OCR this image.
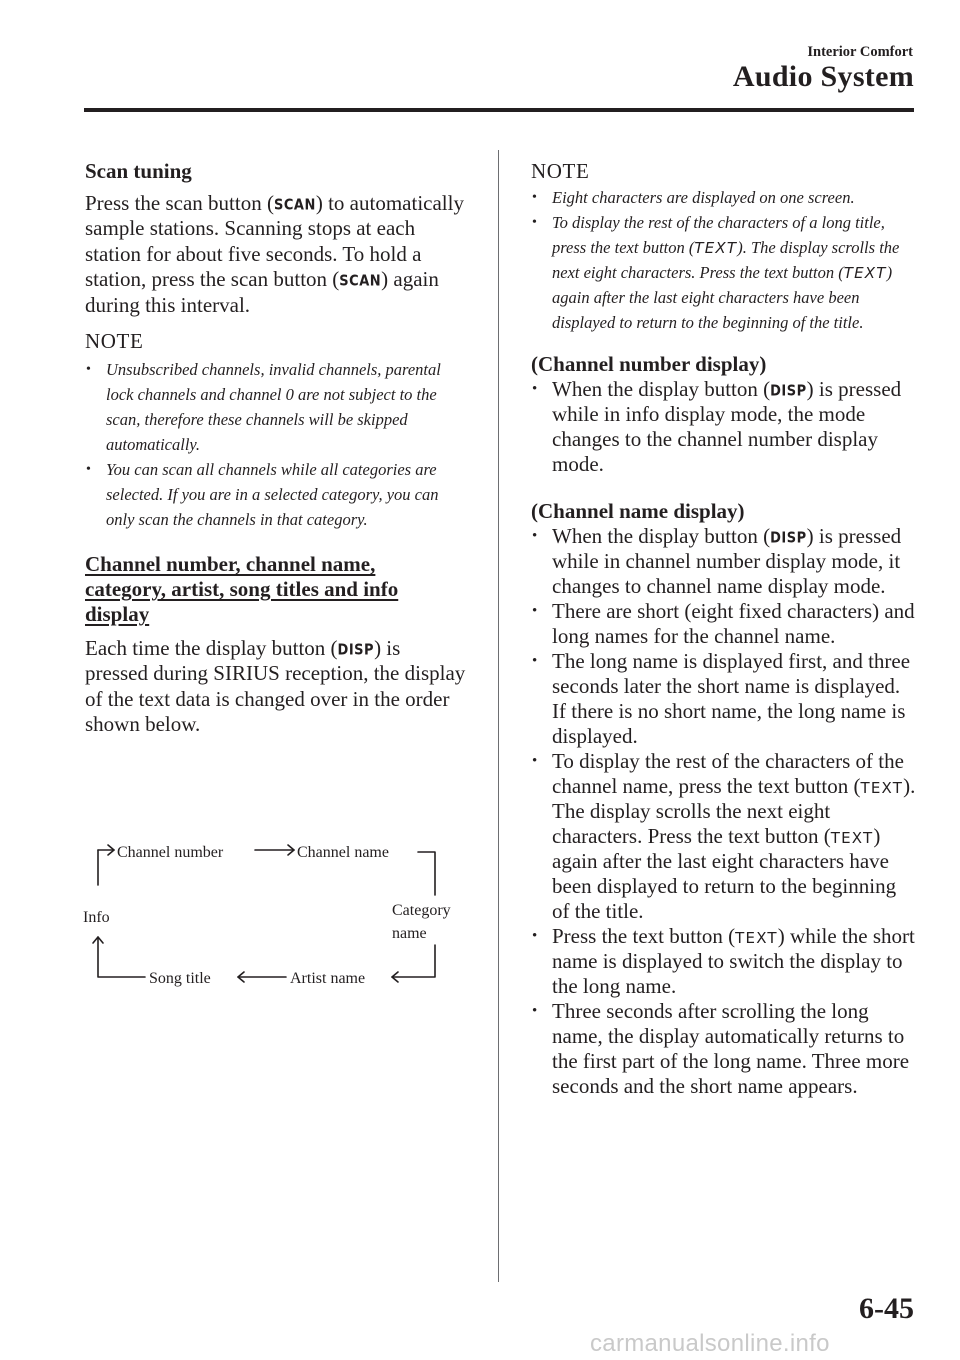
Interior Comfort
Audio System
Scan tuning
Press the scan button (SCAN) to automatically sample stations. Scanning stops at each station for about five seconds. To hold a station, press the scan button (SCAN) again during this interval.
NOTE
• Unsubscribed channels, invalid channels, parental lock channels and channel 0 are not subject to the scan, therefore these channels will be skipped automatically.
• You can scan all channels while all categories are selected. If you are in a selected category, you can only scan the channels in that category.
Channel number, channel name, category, artist, song titles and info display
Each time the display button (DISP) is pressed during SIRIUS reception, the display of the text data is changed over in the order shown below.
Channel number	Channel name
Category
name
Artist name
Song title
Info
NOTE
• Eight characters are displayed on one screen.
• To display the rest of the characters of a long title, press the text button (TEXT). The display scrolls the next eight characters. Press the text button (TEXT) again after the last eight characters have been displayed to return to the beginning of the title.
(Channel number display)
• When the display button (DISP) is pressed while in info display mode, the mode changes to the channel number display mode.
(Channel name display)
• When the display button (DISP) is pressed while in channel number display mode, it changes to channel name display mode.
• There are short (eight fixed characters) and long names for the channel name.
• The long name is displayed first, and three seconds later the short name is displayed. If there is no short name, the long name is displayed.
• To display the rest of the characters of the channel name, press the text button (TEXT). The display scrolls the next eight characters. Press the text button (TEXT) again after the last eight characters have been displayed to return to the beginning of the title.
• Press the text button (TEXT) while the short name is displayed to switch the display to the long name.
• Three seconds after scrolling the long name, the display automatically returns to the first part of the long name. Three more seconds and the short name appears.
6-45
carmanualsonline.info
